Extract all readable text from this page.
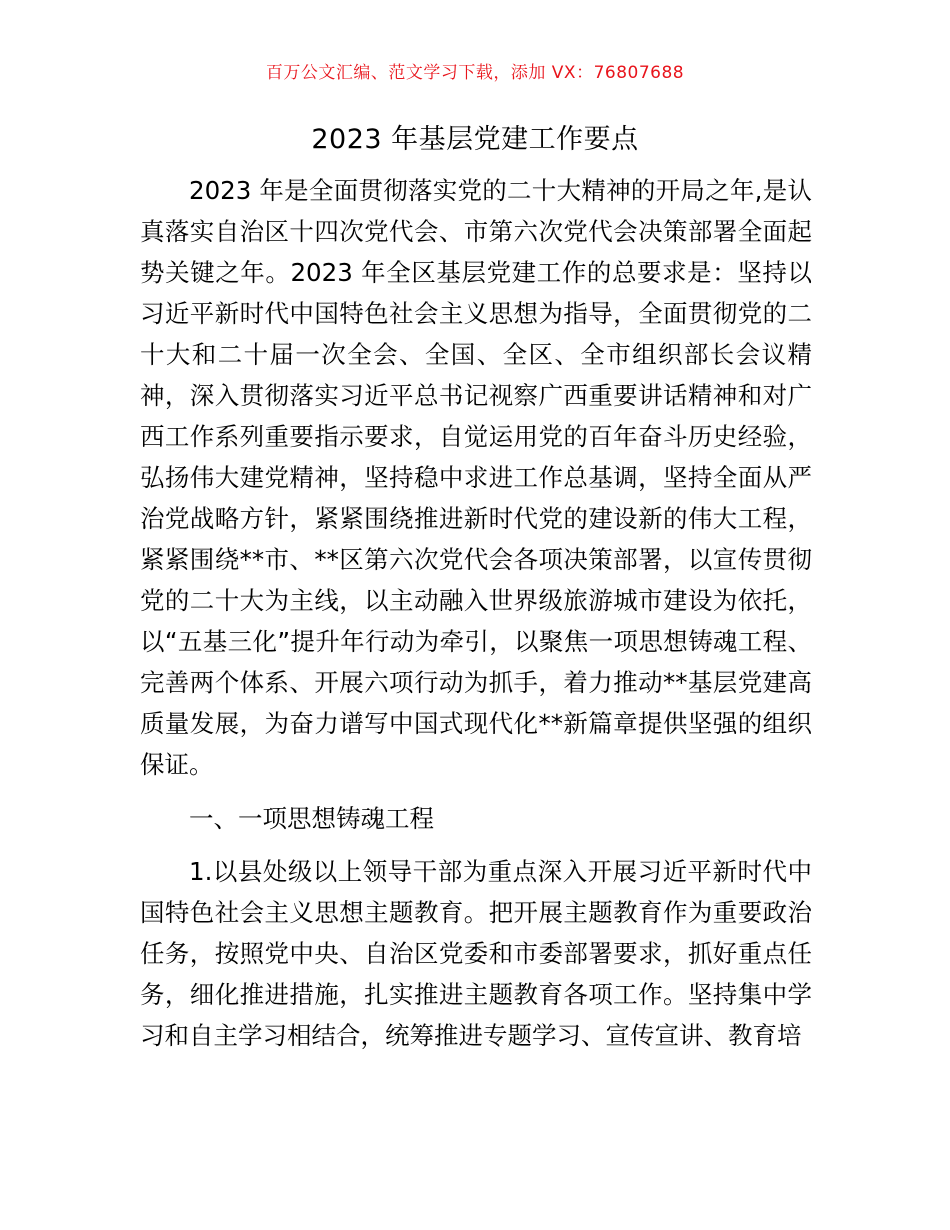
百万公文汇编、范文学习下载，添加 VX：76807688
2023 年基层党建工作要点

2023 年是全面贯彻落实党的二十大精神的开局之年,是认真落实自治区十四次党代会、市第六次党代会决策部署全面起势关键之年。2023 年全区基层党建工作的总要求是：坚持以习近平新时代中国特色社会主义思想为指导，全面贯彻党的二十大和二十届一次全会、全国、全区、全市组织部长会议精神，深入贯彻落实习近平总书记视察广西重要讲话精神和对广西工作系列重要指示要求，自觉运用党的百年奋斗历史经验，弘扬伟大建党精神，坚持稳中求进工作总基调，坚持全面从严治党战略方针，紧紧围绕推进新时代党的建设新的伟大工程，紧紧围绕**市、**区第六次党代会各项决策部署，以宣传贯彻党的二十大为主线，以主动融入世界级旅游城市建设为依托，以“五基三化”提升年行动为牵引，以聚焦一项思想铸魂工程、完善两个体系、开展六项行动为抓手，着力推动**基层党建高质量发展，为奋力谱写中国式现代化**新篇章提供坚强的组织保证。

一、一项思想铸魂工程

1.以县处级以上领导干部为重点深入开展习近平新时代中国特色社会主义思想主题教育。把开展主题教育作为重要政治任务，按照党中央、自治区党委和市委部署要求，抓好重点任务，细化推进措施，扎实推进主题教育各项工作。坚持集中学习和自主学习相结合，统筹推进专题学习、宣传宣讲、教育培
